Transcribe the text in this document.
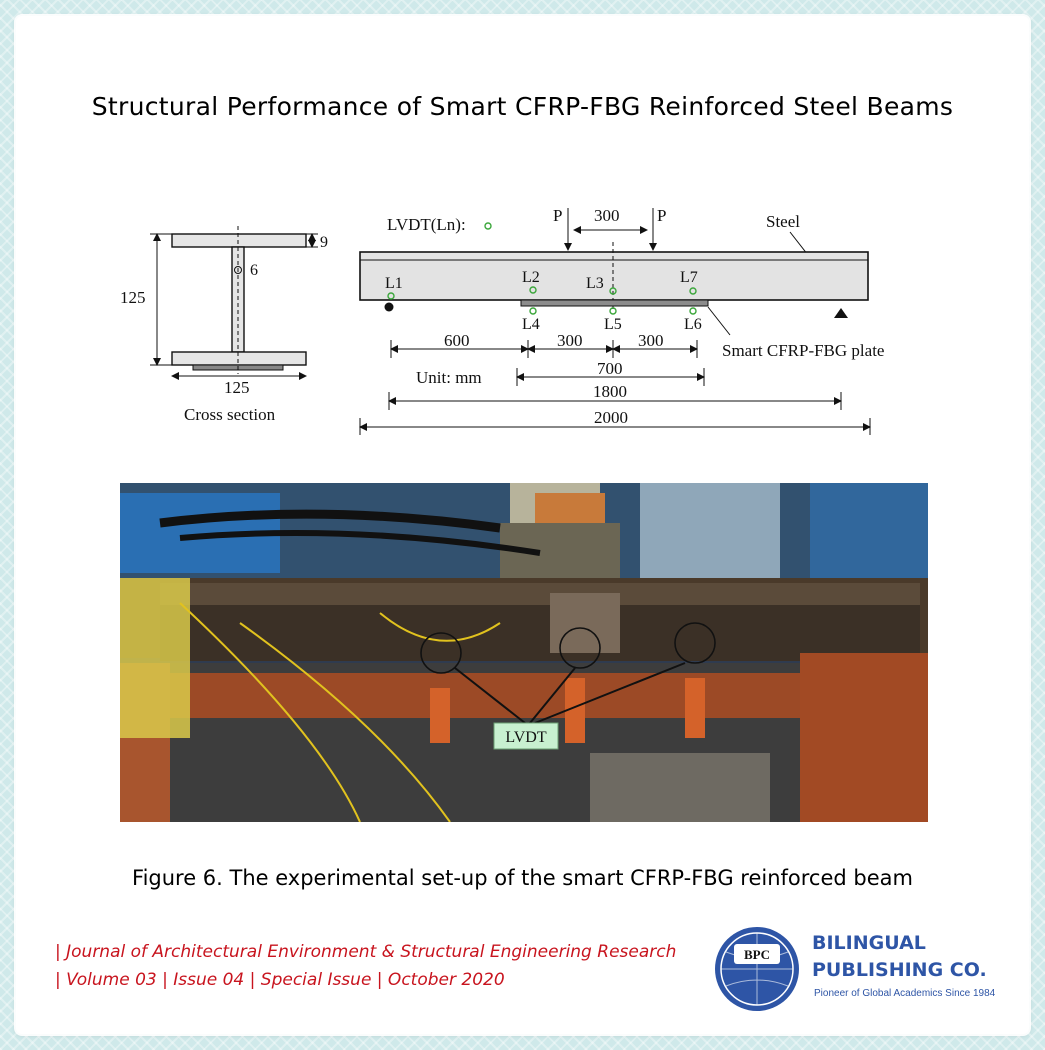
Structural Performance of Smart CFRP-FBG Reinforced Steel Beams
9
125
6
125
Cross section
LVDT(Ln):	P	P
300	Steel
Smart CFRP-FBG plate
L1	L2	L3	L7
L4	L5	L6
600	300	300
Unit: mm	700
1800
2000
LVDT
Figure 6. The experimental set-up of the smart CFRP-FBG reinforced beam
| Journal of Architectural Environment & Structural Engineering Research
| Volume 03 | Issue 04 | Special Issue | October 2020
BPC
BILINGUAL
PUBLISHING CO.
Pioneer of Global Academics Since 1984
